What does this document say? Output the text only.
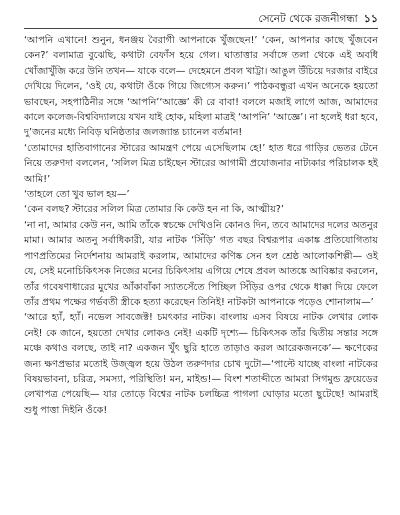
সেনেট থেকে রজনীগন্ধা ১১

‘আপনি এখানে! শুনুন, ধনঞ্জয় বৈরাগী আপনাকে খুঁজছেন!’ ‘কেন, আপনার কাছে খুঁজবেন কেন?’ বলামাত্র বুঝেছি, কথাটা বেফাঁস হয়ে গেল। ঘাতাত্তার সর্বাঙ্গে তলা থেকে এই অবধি খোঁজাখুঁজি করে উনি তখন— যাকে বলে— দেহেমনে প্রবল খাট্টা। আঙুল উঁচিয়ে দরজার বাইরে দেখিয়ে দিলেন, ‘ওই যে, কথাটা ওঁকে গিয়ে জিগ্যেস করুন।’ পাঠকবন্ধুরা এখন অনেকে হয়তো ভাবছেন, সহপাঠিনীর সঙ্গে ‘আপনি’‘আজ্ঞে’ কী রে বাবা! বললে মজাই লাগে আজ, আমাদের কালে কলেজ-বিশ্ববিদ্যালয়ে যখন যাই হোক, মহিলা মাত্রই ‘আপনি’ ‘আজ্ঞে’। না হলেই ধরা হবে, দু’জনের মধ্যে নিবিড় ঘনিষ্ঠতার জলজ্যান্ত চ্যানেল বর্তমান!

‘তোমাদের হাতিবাগানের স্টারের আমন্ত্রণ পেয়ে এসেছিলাম হে!’ হাত ধরে গাড়ির ভেতর টেনে নিয়ে তরুণদা বললেন, ‘সলিল মিত্র চাইছেন স্টারের আগামী প্রযোজনার নাট্যকার পরিচালক হই আমি!’

‘তাহলে তো খুব ভাল হয়—’

‘কেন বলছ? স্টারের সলিল মিত্র তোমার কি কেউ হন না কি, আত্মীয়?’

‘না না, আমার কেউ নন, আমি তাঁকে স্বচক্ষে দেখিওনি কোনও দিন, তবে আমাদের দলের অতনুর মামা। আমার অতনু সর্বাধিকারী, যার নাটক ‘সিঁড়ি’ গত বছর বিশ্বরূপার একাঙ্ক প্রতিযোগিতায় পাণপ্রতিমের নির্দেশনায় আমরাই করলাম, আমাদের কণিষ্ক সেন হল শ্রেষ্ঠ আলোকশিল্পী— ওই যে, সেই মনোচিকিৎসক নিজের মনের চিকিৎসায় এগিয়ে শেষে প্রবল আতঙ্কে আবিষ্কার করলেন, তাঁর গবেষণাধারের মুখের আঁকাবাঁকা স্যাতসেঁতে পিচ্ছিল সিঁড়ির ওপর থেকে ধাক্কা দিয়ে ফেলে তাঁর প্রথম পক্ষের গর্ভবতী স্ত্রীকে হত্যা করেছেন তিনিই! নাটকটা আপনাকে পড়েও শোনালাম—’

‘আরে হ্যাঁ, হ্যাঁ। নভেল সাবজেক্ট! চমৎকার নাটক। বাংলায় এসব বিষয়ে নাটক লেখার লোক নেই! কে জানে, হয়তো দেখার লোকও নেই! একটি দৃশ্যে— চিকিৎসক তাঁর দ্বিতীয় সন্তার সঙ্গে মঞ্চে কথাও বলছে, তাই না? একজন খুঁৎ ছুরি হাতে তাড়াও করল আরেকজনকে’— ক্ষণেকের জন্য ক্ষণপ্রভার মতোই উজ্জ্বল হয়ে উঠল তরুণদার চোখ দুটো—‘পাল্টে যাচ্ছে বাংলা নাটকের বিষয়ভাবনা, চরিত্র, সমস্যা, পরিস্থিতি! মন, মাইন্ড!— বিংশ শতাব্দীতে আমরা সিগমুন্ড ফ্রয়েডের লেখাপত্র পেয়েছি— যার তোড়ে বিশ্বের নাটক চলচ্চিত্র পাগলা ঘোড়ার মতো ছুটেছে! আমরাই শুধু পাত্তা দিইনি ওঁকে!
